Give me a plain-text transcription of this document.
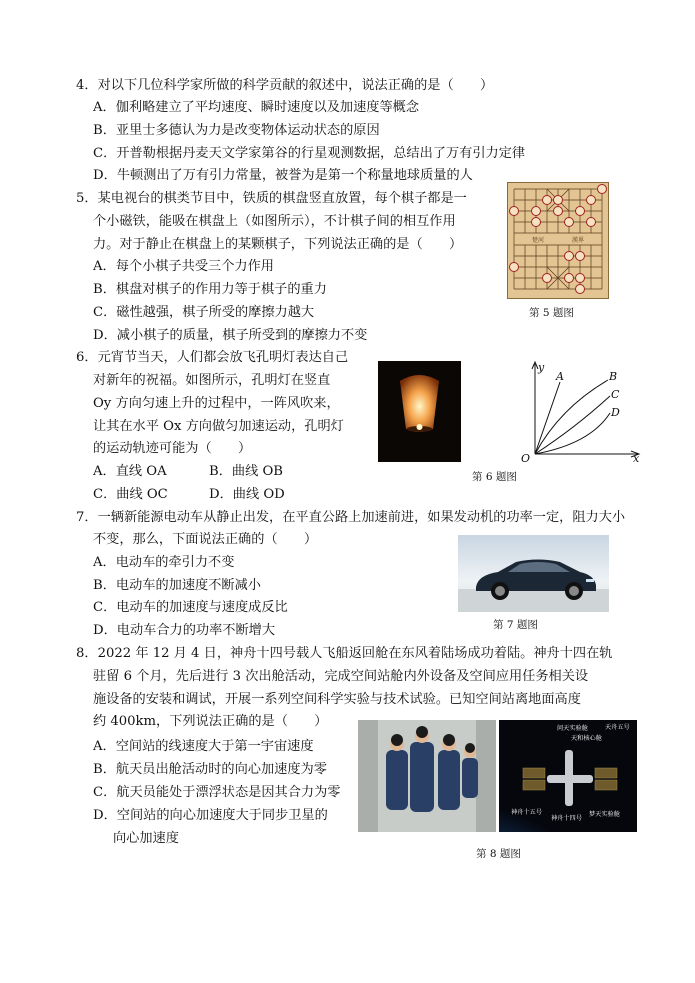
4．对以下几位科学家所做的科学贡献的叙述中，说法正确的是（　　）
A．伽利略建立了平均速度、瞬时速度以及加速度等概念
B．亚里士多德认为力是改变物体运动状态的原因
C．开普勒根据丹麦天文学家第谷的行星观测数据，总结出了万有引力定律
D．牛顿测出了万有引力常量，被誉为是第一个称量地球质量的人
5．某电视台的棋类节目中，铁质的棋盘竖直放置，每个棋子都是一
个小磁铁，能吸在棋盘上（如图所示），不计棋子间的相互作用
力。对于静止在棋盘上的某颗棋子，下列说法正确的是（　　）
A．每个小棋子共受三个力作用
B．棋盘对棋子的作用力等于棋子的重力
C．磁性越强，棋子所受的摩擦力越大
D．减小棋子的质量，棋子所受到的摩擦力不变
楚河	漢界
第 5 题图
6．元宵节当天，人们都会放飞孔明灯表达自己
对新年的祝福。如图所示，孔明灯在竖直
Oy 方向匀速上升的过程中，一阵风吹来，
让其在水平 Ox 方向做匀加速运动，孔明灯
的运动轨迹可能为（　　）
A．直线 OA	B．曲线 OB
C．曲线 OC	D．曲线 OD
y
x
O
A	B
C
D
第 6 题图
7．一辆新能源电动车从静止出发，在平直公路上加速前进，如果发动机的功率一定，阻力大小
不变，那么，下面说法正确的（　　）
A．电动车的牵引力不变
B．电动车的加速度不断减小
C．电动车的加速度与速度成反比
D．电动车合力的功率不断增大	第 7 题图
8．2022 年 12 月 4 日，神舟十四号载人飞船返回舱在东风着陆场成功着陆。神舟十四在轨
驻留 6 个月，先后进行 3 次出舱活动，完成空间站舱内外设备及空间应用任务相关设
施设备的安装和调试，开展一系列空间科学实验与技术试验。已知空间站离地面高度
约 400km，下列说法正确的是（　　）
A．空间站的线速度大于第一宇宙速度
B．航天员出舱活动时的向心加速度为零
C．航天员能处于漂浮状态是因其合力为零
D．空间站的向心加速度大于同步卫星的
向心加速度
问天实验舱
天和核心舱
天舟五号
神舟十五号
神舟十四号
梦天实验舱
第 8 题图
